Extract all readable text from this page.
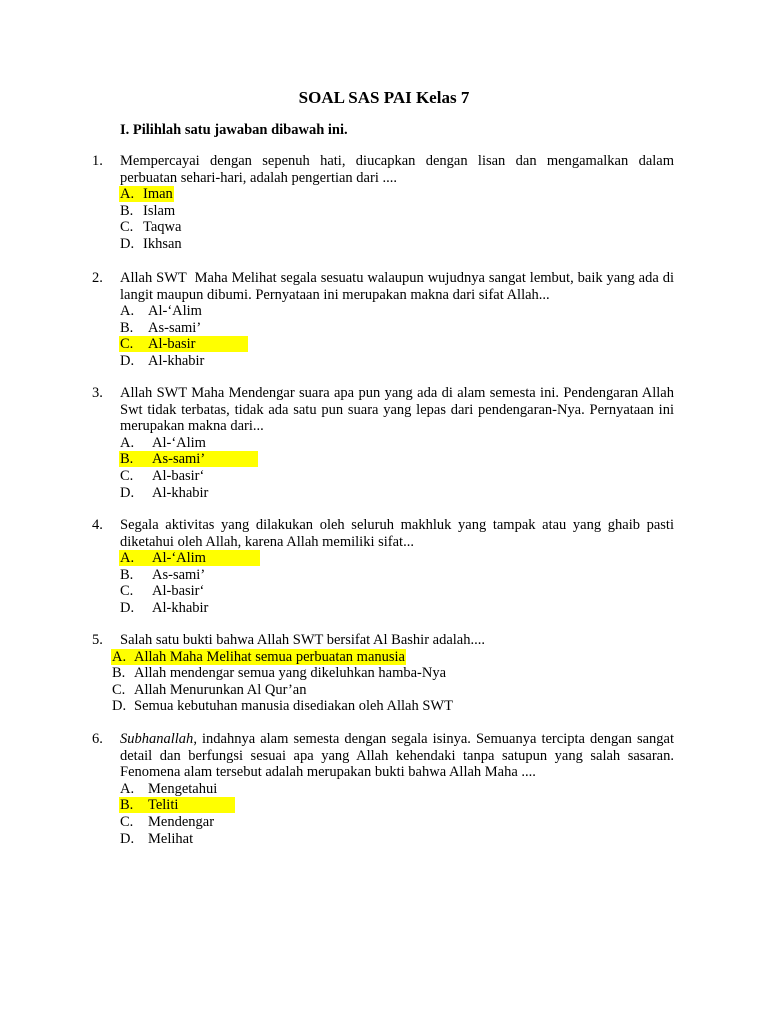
SOAL SAS PAI Kelas 7
I. Pilihlah satu jawaban dibawah ini.
1. Mempercayai dengan sepenuh hati, diucapkan dengan lisan dan mengamalkan dalam perbuatan sehari-hari, adalah pengertian dari ....
A. Iman
B. Islam
C. Taqwa
D. Ikhsan
2. Allah SWT  Maha Melihat segala sesuatu walaupun wujudnya sangat lembut, baik yang ada di langit maupun dibumi. Pernyataan ini merupakan makna dari sifat Allah...
A. Al-‘Alim
B. As-sami’
C. Al-basir
D. Al-khabir
3. Allah SWT Maha Mendengar suara apa pun yang ada di alam semesta ini. Pendengaran Allah Swt tidak terbatas, tidak ada satu pun suara yang lepas dari pendengaran-Nya. Pernyataan ini merupakan makna dari...
A. Al-‘Alim
B. As-sami’
C. Al-basir‘
D. Al-khabir
4. Segala aktivitas yang dilakukan oleh seluruh makhluk yang tampak atau yang ghaib pasti diketahui oleh Allah, karena Allah memiliki sifat...
A. Al-‘Alim
B. As-sami’
C. Al-basir‘
D. Al-khabir
5. Salah satu bukti bahwa Allah SWT bersifat Al Bashir adalah....
A. Allah Maha Melihat semua perbuatan manusia
B. Allah mendengar semua yang dikeluhkan hamba-Nya
C. Allah Menurunkan Al Qur’an
D. Semua kebutuhan manusia disediakan oleh Allah SWT
6. Subhanallah, indahnya alam semesta dengan segala isinya. Semuanya tercipta dengan sangat detail dan berfungsi sesuai apa yang Allah kehendaki tanpa satupun yang salah sasaran. Fenomena alam tersebut adalah merupakan bukti bahwa Allah Maha ....
A. Mengetahui
B. Teliti
C. Mendengar
D. Melihat
